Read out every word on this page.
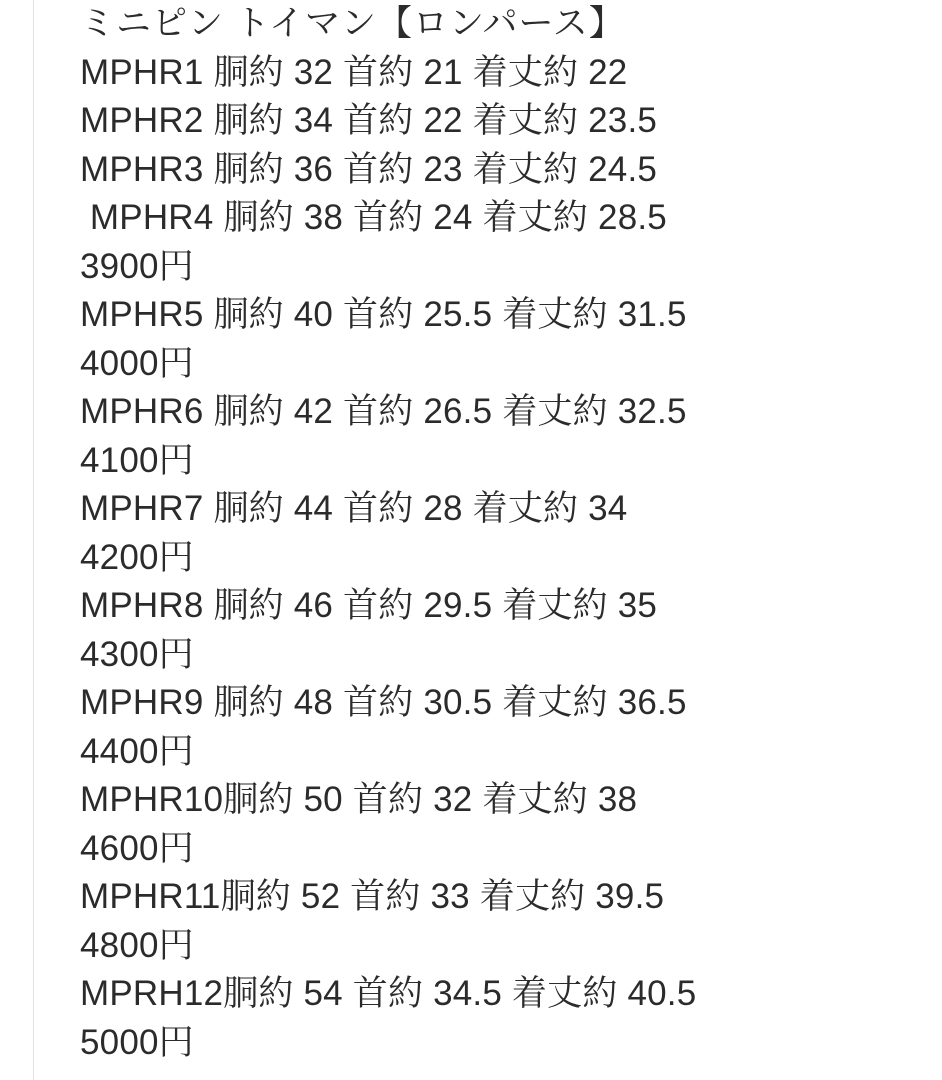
ミニピン トイマン【ロンパース】
MPHR1 胴約 32 首約 21 着丈約 22
MPHR2 胴約 34 首約 22 着丈約 23.5
MPHR3 胴約 36 首約 23 着丈約 24.5
MPHR4 胴約 38 首約 24 着丈約 28.5
3900円
MPHR5 胴約 40 首約 25.5 着丈約 31.5
4000円
MPHR6 胴約 42 首約 26.5 着丈約 32.5
4100円
MPHR7 胴約 44 首約 28 着丈約 34
4200円
MPHR8 胴約 46 首約 29.5 着丈約 35
4300円
MPHR9 胴約 48 首約 30.5 着丈約 36.5
4400円
MPHR10胴約 50 首約 32 着丈約 38
4600円
MPHR11胴約 52 首約 33 着丈約 39.5
4800円
MPRH12胴約 54 首約 34.5 着丈約 40.5
5000円
